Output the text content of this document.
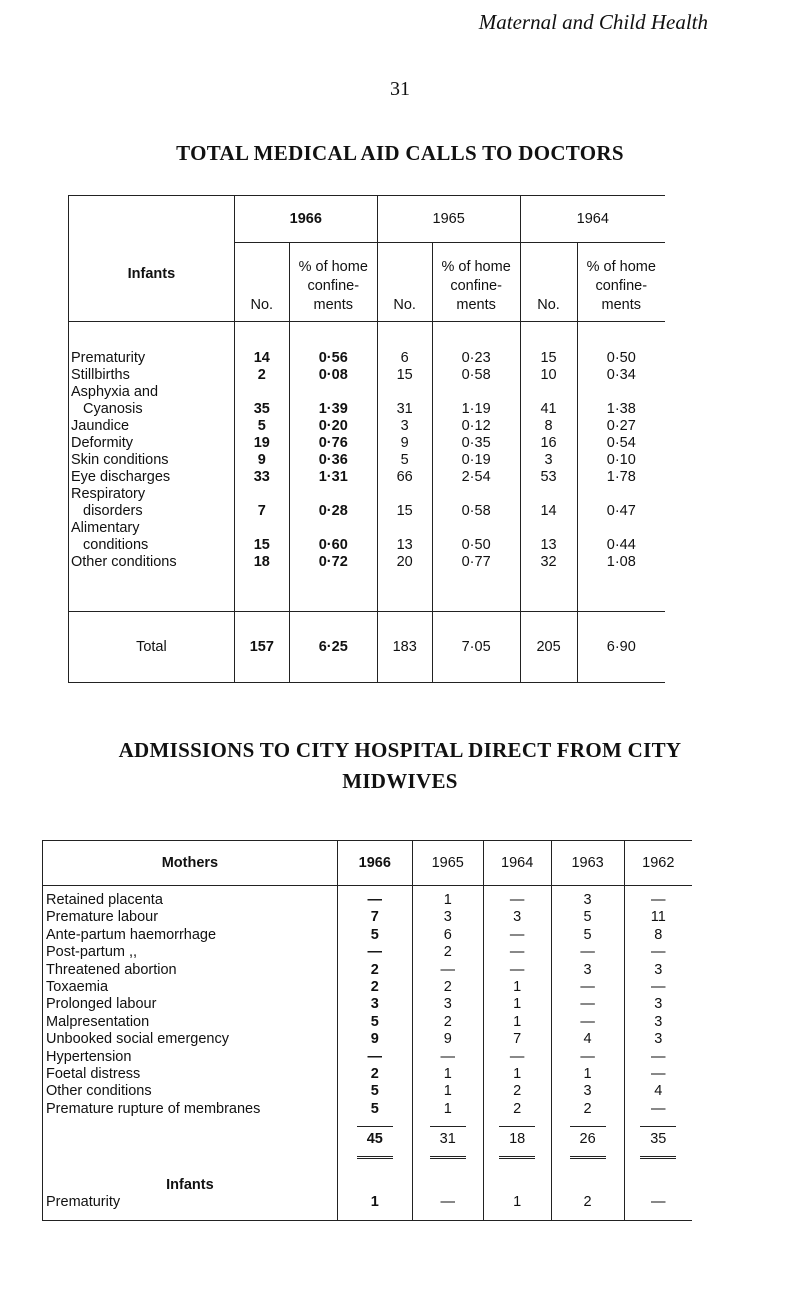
Maternal and Child Health
31
TOTAL MEDICAL AID CALLS TO DOCTORS
Infants	1966		1965		1964	
	No.	% of home
confine-
ments	No.	% of home
confine-
ments	No.	% of home
confine-
ments
Prematurity	14	0·56	6	0·23	15	0·50
Stillbirths	2	0·08	15	0·58	10	0·34
Asphyxia and
Cyanosis	35	1·39	31	1·19	41	1·38
Jaundice	5	0·20	3	0·12	8	0·27
Deformity	19	0·76	9	0·35	16	0·54
Skin conditions	9	0·36	5	0·19	3	0·10
Eye discharges	33	1·31	66	2·54	53	1·78
Respiratory
disorders	7	0·28	15	0·58	14	0·47
Alimentary
conditions	15	0·60	13	0·50	13	0·44
Other conditions	18	0·72	20	0·77	32	1·08
Total	157	6·25	183	7·05	205	6·90
ADMISSIONS TO CITY HOSPITAL DIRECT FROM CITY MIDWIVES
Mothers	1966	1965	1964	1963	1962
Retained placenta	—	1	—	3	—
Premature labour	7	3	3	5	11
Ante-partum haemorrhage	5	6	—	5	8
Post-partum ,,	—	2	—	—	—
Threatened abortion	2	—	—	3	3
Toxaemia	2	2	1	—	—
Prolonged labour	3	3	1	—	3
Malpresentation	5	2	1	—	3
Unbooked social emergency	9	9	7	4	3
Hypertension	—	—	—	—	—
Foetal distress	2	1	1	1	—
Other conditions	5	1	2	3	4
Premature rupture of membranes	5	1	2	2	—
	45	31	18	26	35
Infants					
Prematurity	1	—	1	2	—
